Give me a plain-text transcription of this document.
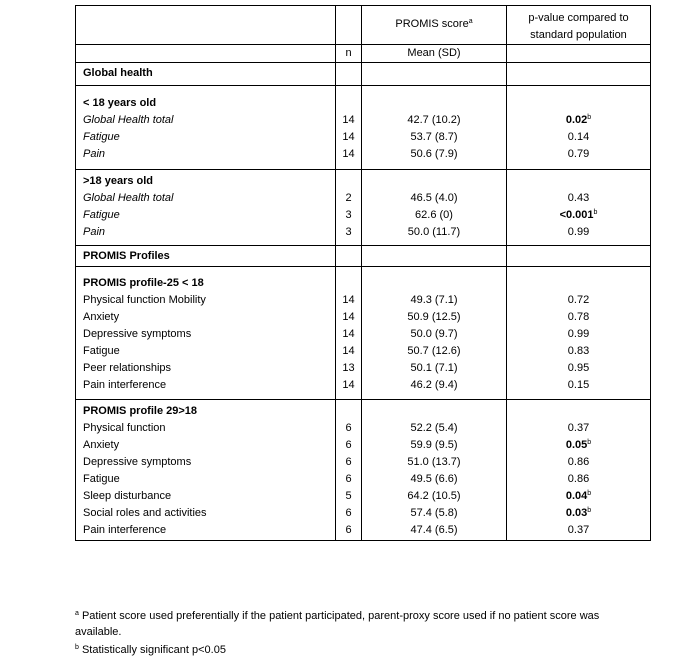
		PROMIS score$^a$	p-value compared to
standard population
	n	Mean (SD)	
Global health			

< 18 years old			
Global Health total	14	42.7 (10.2)	0.02$^b$
Fatigue	14	53.7 (8.7)	0.14
Pain	14	50.6 (7.9)	0.79

>18 years old			
Global Health total	2	46.5 (4.0)	0.43
Fatigue	3	62.6 (0)	<0.001$^b$
Pain	3	50.0 (11.7)	0.99

PROMIS Profiles			

PROMIS profile-25 < 18			
Physical function Mobility	14	49.3 (7.1)	0.72
Anxiety	14	50.9 (12.5)	0.78
Depressive symptoms	14	50.0 (9.7)	0.99
Fatigue	14	50.7 (12.6)	0.83
Peer relationships	13	50.1 (7.1)	0.95
Pain interference	14	46.2 (9.4)	0.15

PROMIS profile 29>18			
Physical function	6	52.2 (5.4)	0.37
Anxiety	6	59.9 (9.5)	0.05$^b$
Depressive symptoms	6	51.0 (13.7)	0.86
Fatigue	6	49.5 (6.6)	0.86
Sleep disturbance	5	64.2 (10.5)	0.04$^b$
Social roles and activities	6	57.4 (5.8)	0.03$^b$
Pain interference	6	47.4 (6.5)	0.37

$^a$ Patient score used preferentially if the patient participated, parent-proxy score used if no patient score was available.
$^b$ Statistically significant p<0.05
